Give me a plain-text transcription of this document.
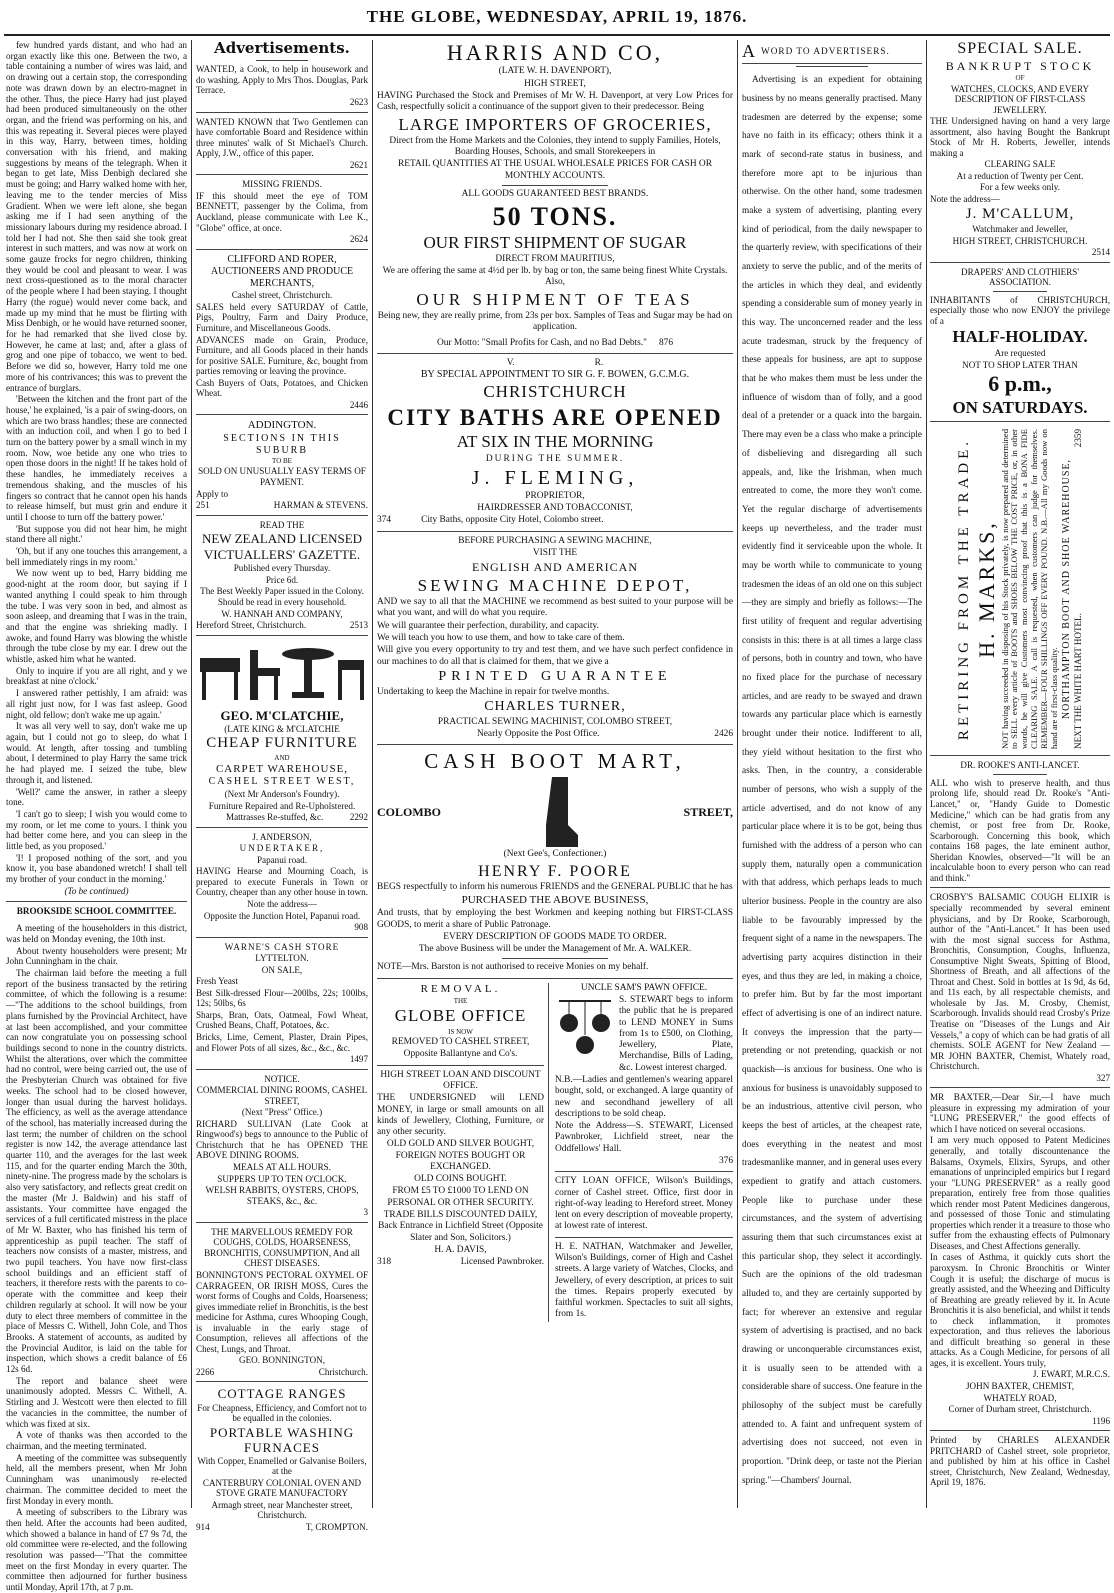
THE GLOBE, WEDNESDAY, APRIL 19, 1876.

few hundred yards distant, and who had an organ exactly like this one. Between the two, a table containing a number of wires was laid, and on drawing out a certain stop, the corresponding note was drawn down by an electro-magnet in the other. Thus, the piece Harry had just played had been produced simultaneously on the other organ, and the friend was performing on his, and this was repeating it. Several pieces were played in this way, Harry, between times, holding conversation with his friend, and making suggestions by means of the telegraph. When it began to get late, Miss Denbigh declared she must be going; and Harry walked home with her, leaving me to the tender mercies of Miss Gradient. When we were left alone, she began asking me if I had seen anything of the missionary labours during my residence abroad. I told her I had not. She then said she took great interest in such matters, and was now at work on some gauze frocks for negro children, thinking they would be cool and pleasant to wear. I was next cross-questioned as to the moral character of the people where I had been staying. I thought Harry (the rogue) would never come back, and made up my mind that he must be flirting with Miss Denbigh, or he would have returned sooner, for he had remarked that she lived close by. However, he came at last; and, after a glass of grog and one pipe of tobacco, we went to bed. Before we did so, however, Harry told me one more of his contrivances; this was to prevent the entrance of burglars.

'Between the kitchen and the front part of the house,' he explained, 'is a pair of swing-doors, on which are two brass handles; these are connected with an induction coil, and when I go to bed I turn on the battery power by a small winch in my room. Now, woe betide any one who tries to open those doors in the night! If he takes hold of these handles, he immediately receives a tremendous shaking, and the muscles of his fingers so contract that he cannot open his hands to release himself, but must grin and endure it until I choose to turn off the battery power.'

'But suppose you did not hear him, he might stand there all night.'

'Oh, but if any one touches this arrangement, a bell immediately rings in my room.'

We now went up to bed, Harry bidding me good-night at the room door, but saying if I wanted anything I could speak to him through the tube. I was very soon in bed, and almost as soon asleep, and dreaming that I was in the train, and that the engine was shrieking madly. I awoke, and found Harry was blowing the whistle through the tube close by my ear. I drew out the whistle, asked him what he wanted.

Only to inquire if you are all right, and y we breakfast at nine o'clock.'

I answered rather pettishly, I am afraid: was all right just now, for I was fast asleep. Good night, old fellow; don't wake me up again.'

It was all very well to say, don't wake me up again, but I could not go to sleep, do what I would. At length, after tossing and tumbling about, I determined to play Harry the same trick he had played me. I seized the tube, blew through it, and listened.

'Well?' came the answer, in rather a sleepy tone.

'I can't go to sleep; I wish you would come to my room, or let me come to yours. I think you had better come here, and you can sleep in the little bed, as you proposed.'

'I! I proposed nothing of the sort, and you know it, you base abandoned wretch! I shall tell my brother of your conduct in the morning.'

(To be continued)

BROOKSIDE SCHOOL COMMITTEE.

A meeting of the householders in this district, was held on Monday evening, the 10th inst.

About twenty householders were present; Mr John Cunningham in the chair.

The chairman laid before the meeting a full report of the business transacted by the retiring committee, of which the following is a resume:—"The additions to the school buildings, from plans furnished by the Provincial Architect, have at last been accomplished, and your committee can now congratulate you on possessing school buildings second to none in the country districts. Whilst the alterations, over which the committee had no control, were being carried out, the use of the Presbyterian Church was obtained for five weeks. The school had to be closed however, longer than usual during the harvest holidays. The efficiency, as well as the average attendance of the school, has materially increased during the last term; the number of children on the school register is now 142, the average attendance last quarter 110, and the averages for the last week 115, and for the quarter ending March the 30th, ninety-nine. The progress made by the scholars is also very satisfactory, and reflects great credit on the master (Mr J. Baldwin) and his staff of assistants. Your committee have engaged the services of a full certificated mistress in the place of Mr W. Baxter, who has finished his term of apprenticeship as pupil teacher. The staff of teachers now consists of a master, mistress, and two pupil teachers. You have now first-class school buildings and an efficient staff of teachers, it therefore rests with the parents to co-operate with the committee and keep their children regularly at school. It will now be your duty to elect three members of committee in the place of Messrs C. Withell, John Cole, and Thos Brooks. A statement of accounts, as audited by the Provincial Auditor, is laid on the table for inspection, which shows a credit balance of £6 12s 6d.

The report and balance sheet were unanimously adopted. Messrs C. Withell, A. Stirling and J. Westcott were then elected to fill the vacancies in the committee, the number of which was fixed at six.

A vote of thanks was then accorded to the chairman, and the meeting terminated.

A meeting of the committee was subsequently held, all the members present, when Mr John Cunningham was unanimously re-elected chairman. The committee decided to meet the first Monday in every month.

A meeting of subscribers to the Library was then held. After the accounts had been audited, which showed a balance in hand of £7 9s 7d, the old committee were re-elected, and the following resolution was passed—"That the committee meet on the first Monday in every quarter. The committee then adjourned for further business until Monday, April 17th, at 7 p.m.

Advertisements.

WANTED, a Cook, to help in housework and do washing. Apply to Mrs Thos. Douglas, Park Terrace.

2623

WANTED KNOWN that Two Gentlemen can have comfortable Board and Residence within three minutes' walk of St Michael's Church. Apply, J.W., office of this paper.

2621

MISSING FRIENDS.

IF this should meet the eye of TOM BENNETT, passenger by the Colima, from Auckland, please communicate with Lee K., "Globe" office, at once.

2624

CLIFFORD AND ROPER,

AUCTIONEERS AND PRODUCE MERCHANTS,

Cashel street, Christchurch.

SALES held every SATURDAY of Cattle, Pigs, Poultry, Farm and Dairy Produce, Furniture, and Miscellaneous Goods.

ADVANCES made on Grain, Produce, Furniture, and all Goods placed in their hands for positive SALE. Furniture, &c, bought from parties removing or leaving the province.

Cash Buyers of Oats, Potatoes, and Chicken Wheat.

2446

ADDINGTON.

SECTIONS IN THIS SUBURB

TO BE

SOLD ON UNUSUALLY EASY TERMS OF PAYMENT.

Apply to

251	HARMAN & STEVENS.

READ THE

NEW ZEALAND LICENSED

VICTUALLERS' GAZETTE.

Published every Thursday.

Price 6d.

The Best Weekly Paper issued in the Colony. Should be read in every household.

W. HANNAH AND COMPANY,

Hereford Street, Christchurch.	2513

GEO. M'CLATCHIE,

(LATE KING & M'CLATCHIE

CHEAP FURNITURE

AND

CARPET WAREHOUSE,

CASHEL STREET WEST,

(Next Mr Anderson's Foundry).

Furniture Repaired and Re-Upholstered.

Mattrasses Re-stuffed, &c.	2292

J. ANDERSON,

UNDERTAKER,

Papanui road.

HAVING Hearse and Mourning Coach, is prepared to execute Funerals in Town or Country, cheaper than any other house in town.

Note the address—

Opposite the Junction Hotel, Papanui road.

908

WARNE'S CASH STORE

LYTTELTON.

ON SALE,

Fresh Yeast

Best Silk-dressed Flour—200lbs, 22s; 100lbs, 12s; 50lbs, 6s

Sharps, Bran, Oats, Oatmeal, Fowl Wheat, Crushed Beans, Chaff, Potatoes, &c.

Bricks, Lime, Cement, Plaster, Drain Pipes, and Flower Pots of all sizes, &c., &c., &c.

1497

NOTICE.

COMMERCIAL DINING ROOMS, CASHEL STREET,

(Next "Press" Office.)

RICHARD SULLIVAN (Late Cook at Ringwood's) begs to announce to the Public of Christchurch that he has OPENED THE ABOVE DINING ROOMS.

MEALS AT ALL HOURS.

SUPPERS UP TO TEN O'CLOCK.

WELSH RABBITS, OYSTERS, CHOPS, STEAKS, &c., &c.

3

THE MARVELLOUS REMEDY FOR COUGHS, COLDS, HOARSENESS, BRONCHITIS, CONSUMPTION, And all CHEST DISEASES.

BONNINGTON'S PECTORAL OXYMEL OF CARRAGEEN, OR IRISH MOSS, Cures the worst forms of Coughs and Colds, Hoarseness; gives immediate relief in Bronchitis, is the best medicine for Asthma, cures Whooping Cough, is invaluable in the early stage of Consumption, relieves all affections of the Chest, Lungs, and Throat.

GEO. BONNINGTON,

2266	Christchurch.

COTTAGE RANGES

For Cheapness, Efficiency, and Comfort not to be equalled in the colonies.

PORTABLE WASHING FURNACES

With Copper, Enamelled or Galvanise Boilers, at the

CANTERBURY COLONIAL OVEN AND STOVE GRATE MANUFACTORY

Armagh street, near Manchester street, Christchurch.

914	T, CROMPTON.
HARRIS AND CO,

(LATE W. H. DAVENPORT),

HIGH STREET,

HAVING Purchased the Stock and Premises of Mr W. H. Davenport, at very Low Prices for Cash, respectfully solicit a continuance of the support given to their predecessor. Being

LARGE IMPORTERS OF GROCERIES,

Direct from the Home Markets and the Colonies, they intend to supply Families, Hotels, Boarding Houses, Schools, and small Storekeepers in

RETAIL QUANTITIES AT THE USUAL WHOLESALE PRICES FOR CASH OR MONTHLY ACCOUNTS.

ALL GOODS GUARANTEED BEST BRANDS.

50 TONS.

OUR FIRST SHIPMENT OF SUGAR

DIRECT FROM MAURITIUS,

We are offering the same at 4½d per lb. by bag or ton, the same being finest White Crystals. Also,

OUR SHIPMENT OF TEAS

Being new, they are really prime, from 23s per box. Samples of Teas and Sugar may be had on application.

Our Motto: "Small Profits for Cash, and no Bad Debts." 876
V.	R.

BY SPECIAL APPOINTMENT TO SIR G. F. BOWEN, G.C.M.G.

CHRISTCHURCH

CITY BATHS ARE OPENED

AT SIX IN THE MORNING

DURING THE SUMMER.

J. FLEMING,

PROPRIETOR,

HAIRDRESSER AND TOBACCONIST,

374	City Baths, opposite City Hotel, Colombo street.

BEFORE PURCHASING A SEWING MACHINE,

VISIT THE

ENGLISH AND AMERICAN

SEWING MACHINE DEPOT,

AND we say to all that the MACHINE we recommend as best suited to your purpose will be what you want, and will do what you require.

We will guarantee their perfection, durability, and capacity.

We will teach you how to use them, and how to take care of them.

Will give you every opportunity to try and test them, and we have such perfect confidence in our machines to do all that is claimed for them, that we give a

PRINTED GUARANTEE

Undertaking to keep the Machine in repair for twelve months.

CHARLES TURNER,

PRACTICAL SEWING MACHINIST, COLOMBO STREET,

Nearly Opposite the Post Office.	2426

CASH BOOT MART,

COLOMBO	STREET,

(Next Gee's, Confectioner.)

HENRY F. POORE

BEGS respectfully to inform his numerous FRIENDS and the GENERAL PUBLIC that he has

PURCHASED THE ABOVE BUSINESS,

And trusts, that by employing the best Workmen and keeping nothing but FIRST-CLASS GOODS, to merit a share of Public Patronage.

EVERY DESCRIPTION OF GOODS MADE TO ORDER.

The above Business will be under the Management of Mr. A. WALKER.

NOTE—Mrs. Barston is not authorised to receive Monies on my behalf.

REMOVAL.

THE

GLOBE OFFICE

IS NOW

REMOVED TO CASHEL STREET,

Opposite Ballantyne and Co's.

HIGH STREET LOAN AND DISCOUNT OFFICE.

THE UNDERSIGNED will LEND MONEY, in large or small amounts on all kinds of Jewellery, Clothing, Furniture, or any other security.

OLD GOLD AND SILVER BOUGHT, FOREIGN NOTES BOUGHT OR EXCHANGED.

OLD COINS BOUGHT.

FROM £5 TO £1000 TO LEND ON PERSONAL OR OTHER SECURITY.

TRADE BILLS DISCOUNTED DAILY, Back Entrance in Lichfield Street (Opposite Slater and Son, Solicitors.)

H. A. DAVIS,

318	Licensed Pawnbroker.

UNCLE SAM'S PAWN OFFICE.

S. STEWART begs to inform the public that he is prepared to LEND MONEY in Sums from 1s to £500, on Clothing, Jewellery, Plate, Merchandise, Bills of Lading, &c. Lowest interest charged.

N.B.—Ladies and gentlemen's wearing apparel bought, sold, or exchanged. A large quantity of new and secondhand jewellery of all descriptions to be sold cheap.

Note the Address—S. STEWART, Licensed Pawnbroker, Lichfield street, near the Oddfellows' Hall.

376

CITY LOAN OFFICE, Wilson's Buildings, corner of Cashel street. Office, first door in right-of-way leading to Hereford street. Money lent on every description of moveable property, at lowest rate of interest.

H. E. NATHAN, Watchmaker and Jeweller, Wilson's Buildings, corner of High and Cashel streets. A large variety of Watches, Clocks, and Jewellery, of every description, at prices to suit the times. Repairs properly executed by faithful workmen. Spectacles to suit all sights, from 1s.

A WORD TO ADVERTISERS.

Advertising is an expedient for obtaining business by no means generally practised. Many tradesmen are deterred by the expense; some have no faith in its efficacy; others think it a mark of second-rate status in business, and therefore more apt to be injurious than otherwise. On the other hand, some tradesmen make a system of advertising, planting every kind of periodical, from the daily newspaper to the quarterly review, with specifications of their anxiety to serve the public, and of the merits of the articles in which they deal, and evidently spending a considerable sum of money yearly in this way. The unconcerned reader and the less acute tradesman, struck by the frequency of these appeals for business, are apt to suppose that he who makes them must be less under the influence of wisdom than of folly, and a good deal of a pretender or a quack into the bargain. There may even be a class who make a principle of disbelieving and disregarding all such appeals, and, like the Irishman, when much entreated to come, the more they won't come. Yet the regular discharge of advertisements keeps up nevertheless, and the trader must evidently find it serviceable upon the whole. It may be worth while to communicate to young tradesmen the ideas of an old one on this subject—they are simply and briefly as follows:—The first utility of frequent and regular advertising consists in this: there is at all times a large class of persons, both in country and town, who have no fixed place for the purchase of necessary articles, and are ready to be swayed and drawn towards any particular place which is earnestly brought under their notice. Indifferent to all, they yield without hesitation to the first who asks. Then, in the country, a considerable number of persons, who wish a supply of the article advertised, and do not know of any particular place where it is to be got, being thus furnished with the address of a person who can supply them, naturally open a communication with that address, which perhaps leads to much ulterior business. People in the country are also liable to be favourably impressed by the frequent sight of a name in the newspapers. The advertising party acquires distinction in their eyes, and thus they are led, in making a choice, to prefer him. But by far the most important effect of advertising is one of an indirect nature. It conveys the impression that the party—pretending or not pretending, quackish or not quackish—is anxious for business. One who is anxious for business is unavoidably supposed to be an industrious, attentive civil person, who keeps the best of articles, at the cheapest rate, does everything in the neatest and most tradesmanlike manner, and in general uses every expedient to gratify and attach customers. People like to purchase under these circumstances, and the system of advertising assuring them that such circumstances exist at this particular shop, they select it accordingly. Such are the opinions of the old tradesman alluded to, and they are certainly supported by fact; for wherever an extensive and regular system of advertising is practised, and no back drawing or unconquerable circumstances exist, it is usually seen to be attended with a considerable share of success. One feature in the philosophy of the subject must be carefully attended to. A faint and unfrequent system of advertising does not succeed, not even in proportion. "Drink deep, or taste not the Pierian spring."—Chambers' Journal.

SPECIAL SALE.

BANKRUPT STOCK

OF

WATCHES, CLOCKS, AND EVERY DESCRIPTION OF FIRST-CLASS JEWELLERY.

THE Undersigned having on hand a very large assortment, also having Bought the Bankrupt Stock of Mr H. Roberts, Jeweller, intends making a

CLEARING SALE

At a reduction of Twenty per Cent.

For a few weeks only.

Note the address—

J. M'CALLUM,

Watchmaker and Jeweller,

HIGH STREET, CHRISTCHURCH.

2514

DRAPERS' AND CLOTHIERS' ASSOCIATION.

INHABITANTS of CHRISTCHURCH, especially those who now ENJOY the privilege of a

HALF-HOLIDAY.

Are requested

NOT TO SHOP LATER THAN

6 p.m.,

ON SATURDAYS.

RETIRING FROM THE TRADE. H. MARKS, NOT having succeeded in disposing of his Stock privately, is now prepared and determined to SELL every article of BOOTS and SHOES BELOW THE COST PRICE, or, in other words, he will give Customers most convincing proof that this is a BONA FIDE CLEARING SALE. A call is requested, when customers can judge for themselves. REMEMBER—FOUR SHILLINGS OFF EVERY POUND. N.B.—All my Goods now on hand are of first-class quality. NORTHAMPTON BOOT AND SHOE WAREHOUSE, NEXT THE WHITE HART HOTEL.
2359

DR. ROOKE'S ANTI-LANCET.

ALL who wish to preserve health, and thus prolong life, should read Dr. Rooke's "Anti-Lancet," or, "Handy Guide to Domestic Medicine," which can be had gratis from any chemist, or post free from Dr. Rooke, Scarborough. Concerning this book, which contains 168 pages, the late eminent author, Sheridan Knowles, observed—"It will be an incalculable boon to every person who can read and think."

CROSBY'S BALSAMIC COUGH ELIXIR is specially recommended by several eminent physicians, and by Dr Rooke, Scarborough, author of the "Anti-Lancet." It has been used with the most signal success for Asthma, Bronchitis, Consumption, Coughs, Influenza, Consumptive Night Sweats, Spitting of Blood, Shortness of Breath, and all affections of the Throat and Chest. Sold in bottles at 1s 9d, 4s 6d, and 11s each, by all respectable chemists, and wholesale by Jas. M. Crosby, Chemist, Scarborough. Invalids should read Crosby's Prize Treatise on "Diseases of the Lungs and Air Vessels," a copy of which can be had gratis of all chemists. SOLE AGENT for New Zealand — MR JOHN BAXTER, Chemist, Whately road, Christchurch.

327

MR BAXTER,—Dear Sir,—I have much pleasure in expressing my admiration of your "LUNG PRESERVER," the good effects of which I have noticed on several occasions.

I am very much opposed to Patent Medicines generally, and totally discountenance the Balsams, Oxymels, Elixirs, Syrups, and other emanations of unprincipled empirics but I regard your "LUNG PRESERVER" as a really good preparation, entirely free from those qualities which render most Patent Medicines dangerous, and possessed of those Tonic and stimulating properties which render it a treasure to those who suffer from the exhausting effects of Pulmonary Diseases, and Chest Affections generally.

In cases of Asthma, it quickly cuts short the paroxysm. In Chronic Bronchitis or Winter Cough it is useful; the discharge of mucus is greatly assisted, and the Wheezing and Difficulty of Breathing are greatly relieved by it. In Acute Bronchitis it is also beneficial, and whilst it tends to check inflammation, it promotes expectoration, and thus relieves the laborious and difficult breathing so general in these attacks. As a Cough Medicine, for persons of all ages, it is excellent. Yours truly,

J. EWART, M.R.C.S.

JOHN BAXTER, CHEMIST,

WHATELY ROAD,

Corner of Durham street, Christchurch.

1196

Printed by CHARLES ALEXANDER PRITCHARD of Cashel street, sole proprietor, and published by him at his office in Cashel street, Christchurch, New Zealand, Wednesday, April 19, 1876.
